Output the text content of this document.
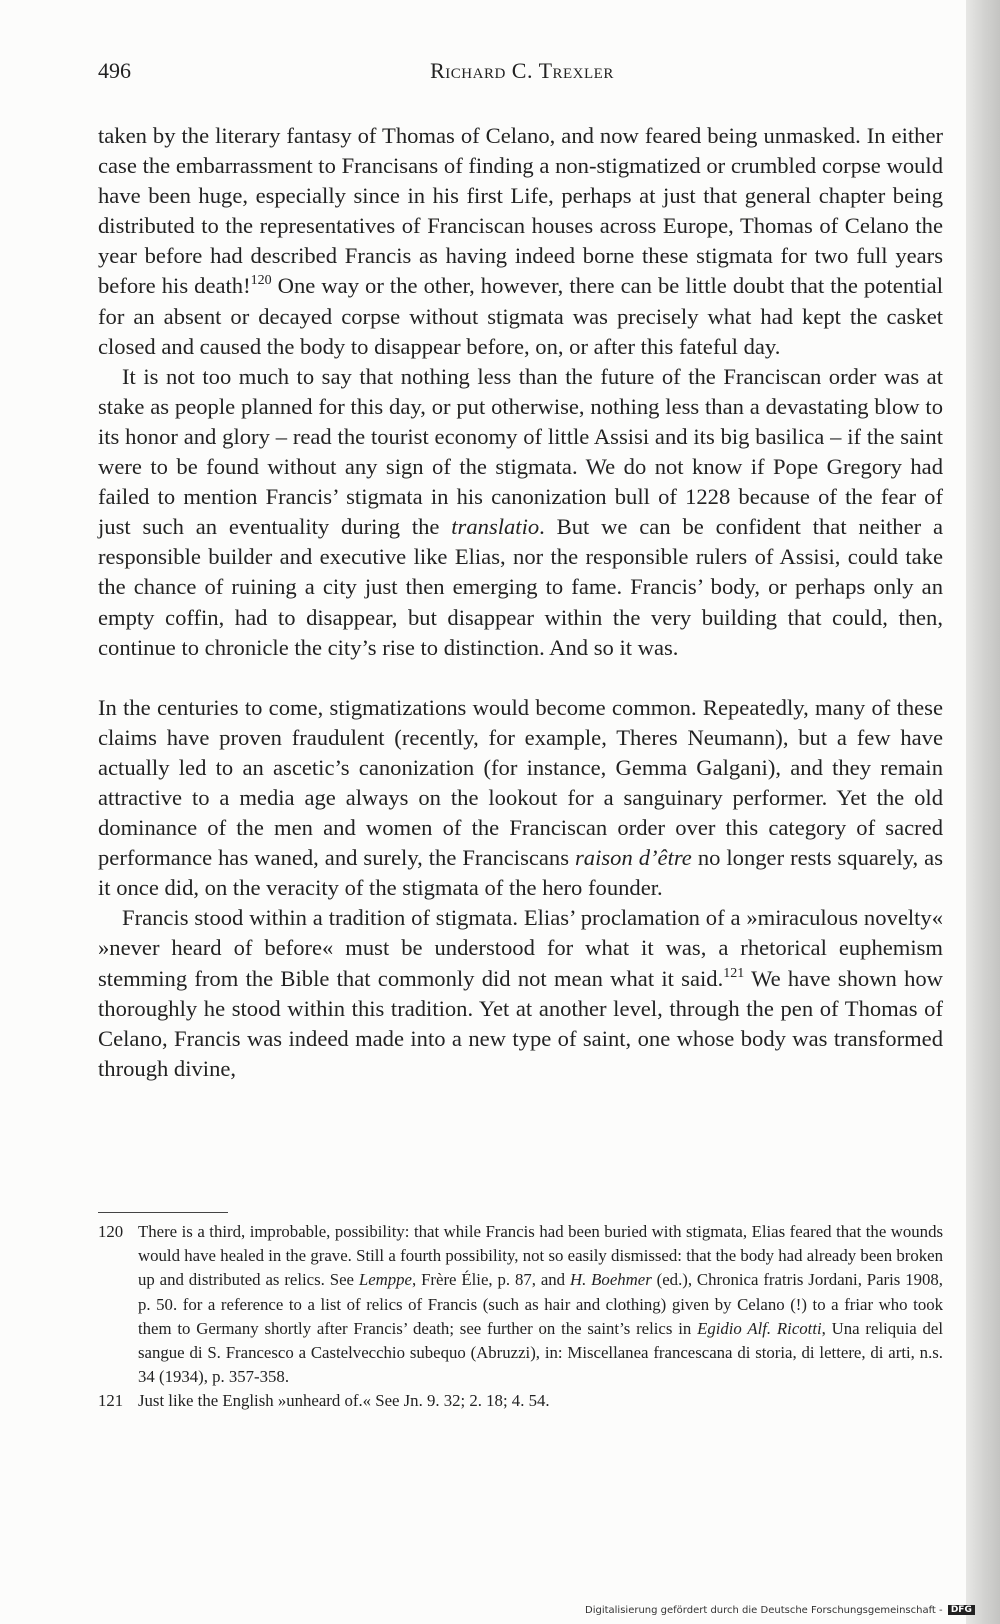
496	Richard C. Trexler

taken by the literary fantasy of Thomas of Celano, and now feared being unmasked. In either case the embarrassment to Francisans of finding a non-stigmatized or crumbled corpse would have been huge, especially since in his first Life, perhaps at just that general chapter being distributed to the representatives of Franciscan houses across Europe, Thomas of Celano the year before had described Francis as having indeed borne these stigmata for two full years before his death!$^{120}$ One way or the other, however, there can be little doubt that the potential for an absent or decayed corpse without stigmata was precisely what had kept the casket closed and caused the body to disappear before, on, or after this fateful day.

It is not too much to say that nothing less than the future of the Franciscan order was at stake as people planned for this day, or put otherwise, nothing less than a devastating blow to its honor and glory – read the tourist economy of little Assisi and its big basilica – if the saint were to be found without any sign of the stigmata. We do not know if Pope Gregory had failed to mention Francis’ stigmata in his canonization bull of 1228 because of the fear of just such an eventuality during the translatio. But we can be confident that neither a responsible builder and executive like Elias, nor the responsible rulers of Assisi, could take the chance of ruining a city just then emerging to fame. Francis’ body, or perhaps only an empty coffin, had to disappear, but disappear within the very building that could, then, continue to chronicle the city’s rise to distinction. And so it was.

In the centuries to come, stigmatizations would become common. Repeatedly, many of these claims have proven fraudulent (recently, for example, Theres Neumann), but a few have actually led to an ascetic’s canonization (for instance, Gemma Galgani), and they remain attractive to a media age always on the lookout for a sanguinary performer. Yet the old dominance of the men and women of the Franciscan order over this category of sacred performance has waned, and surely, the Franciscans raison d’être no longer rests squarely, as it once did, on the veracity of the stigmata of the hero founder.

Francis stood within a tradition of stigmata. Elias’ proclamation of a »miraculous novelty« »never heard of before« must be understood for what it was, a rhetorical euphemism stemming from the Bible that commonly did not mean what it said.$^{121}$ We have shown how thoroughly he stood within this tradition. Yet at another level, through the pen of Thomas of Celano, Francis was indeed made into a new type of saint, one whose body was transformed through divine,

120 There is a third, improbable, possibility: that while Francis had been buried with stigmata, Elias feared that the wounds would have healed in the grave. Still a fourth possibility, not so easily dismissed: that the body had already been broken up and distributed as relics. See Lemppe, Frère Élie, p. 87, and H. Boehmer (ed.), Chronica fratris Jordani, Paris 1908, p. 50. for a reference to a list of relics of Francis (such as hair and clothing) given by Celano (!) to a friar who took them to Germany shortly after Francis’ death; see further on the saint’s relics in Egidio Alf. Ricotti, Una reliquia del sangue di S. Francesco a Castelvecchio subequo (Abruzzi), in: Miscellanea francescana di storia, di lettere, di arti, n.s. 34 (1934), p. 357-358.
121 Just like the English »unheard of.« See Jn. 9. 32; 2. 18; 4. 54.
Digitalisierung gefördert durch die Deutsche Forschungsgemeinschaft - DFG
